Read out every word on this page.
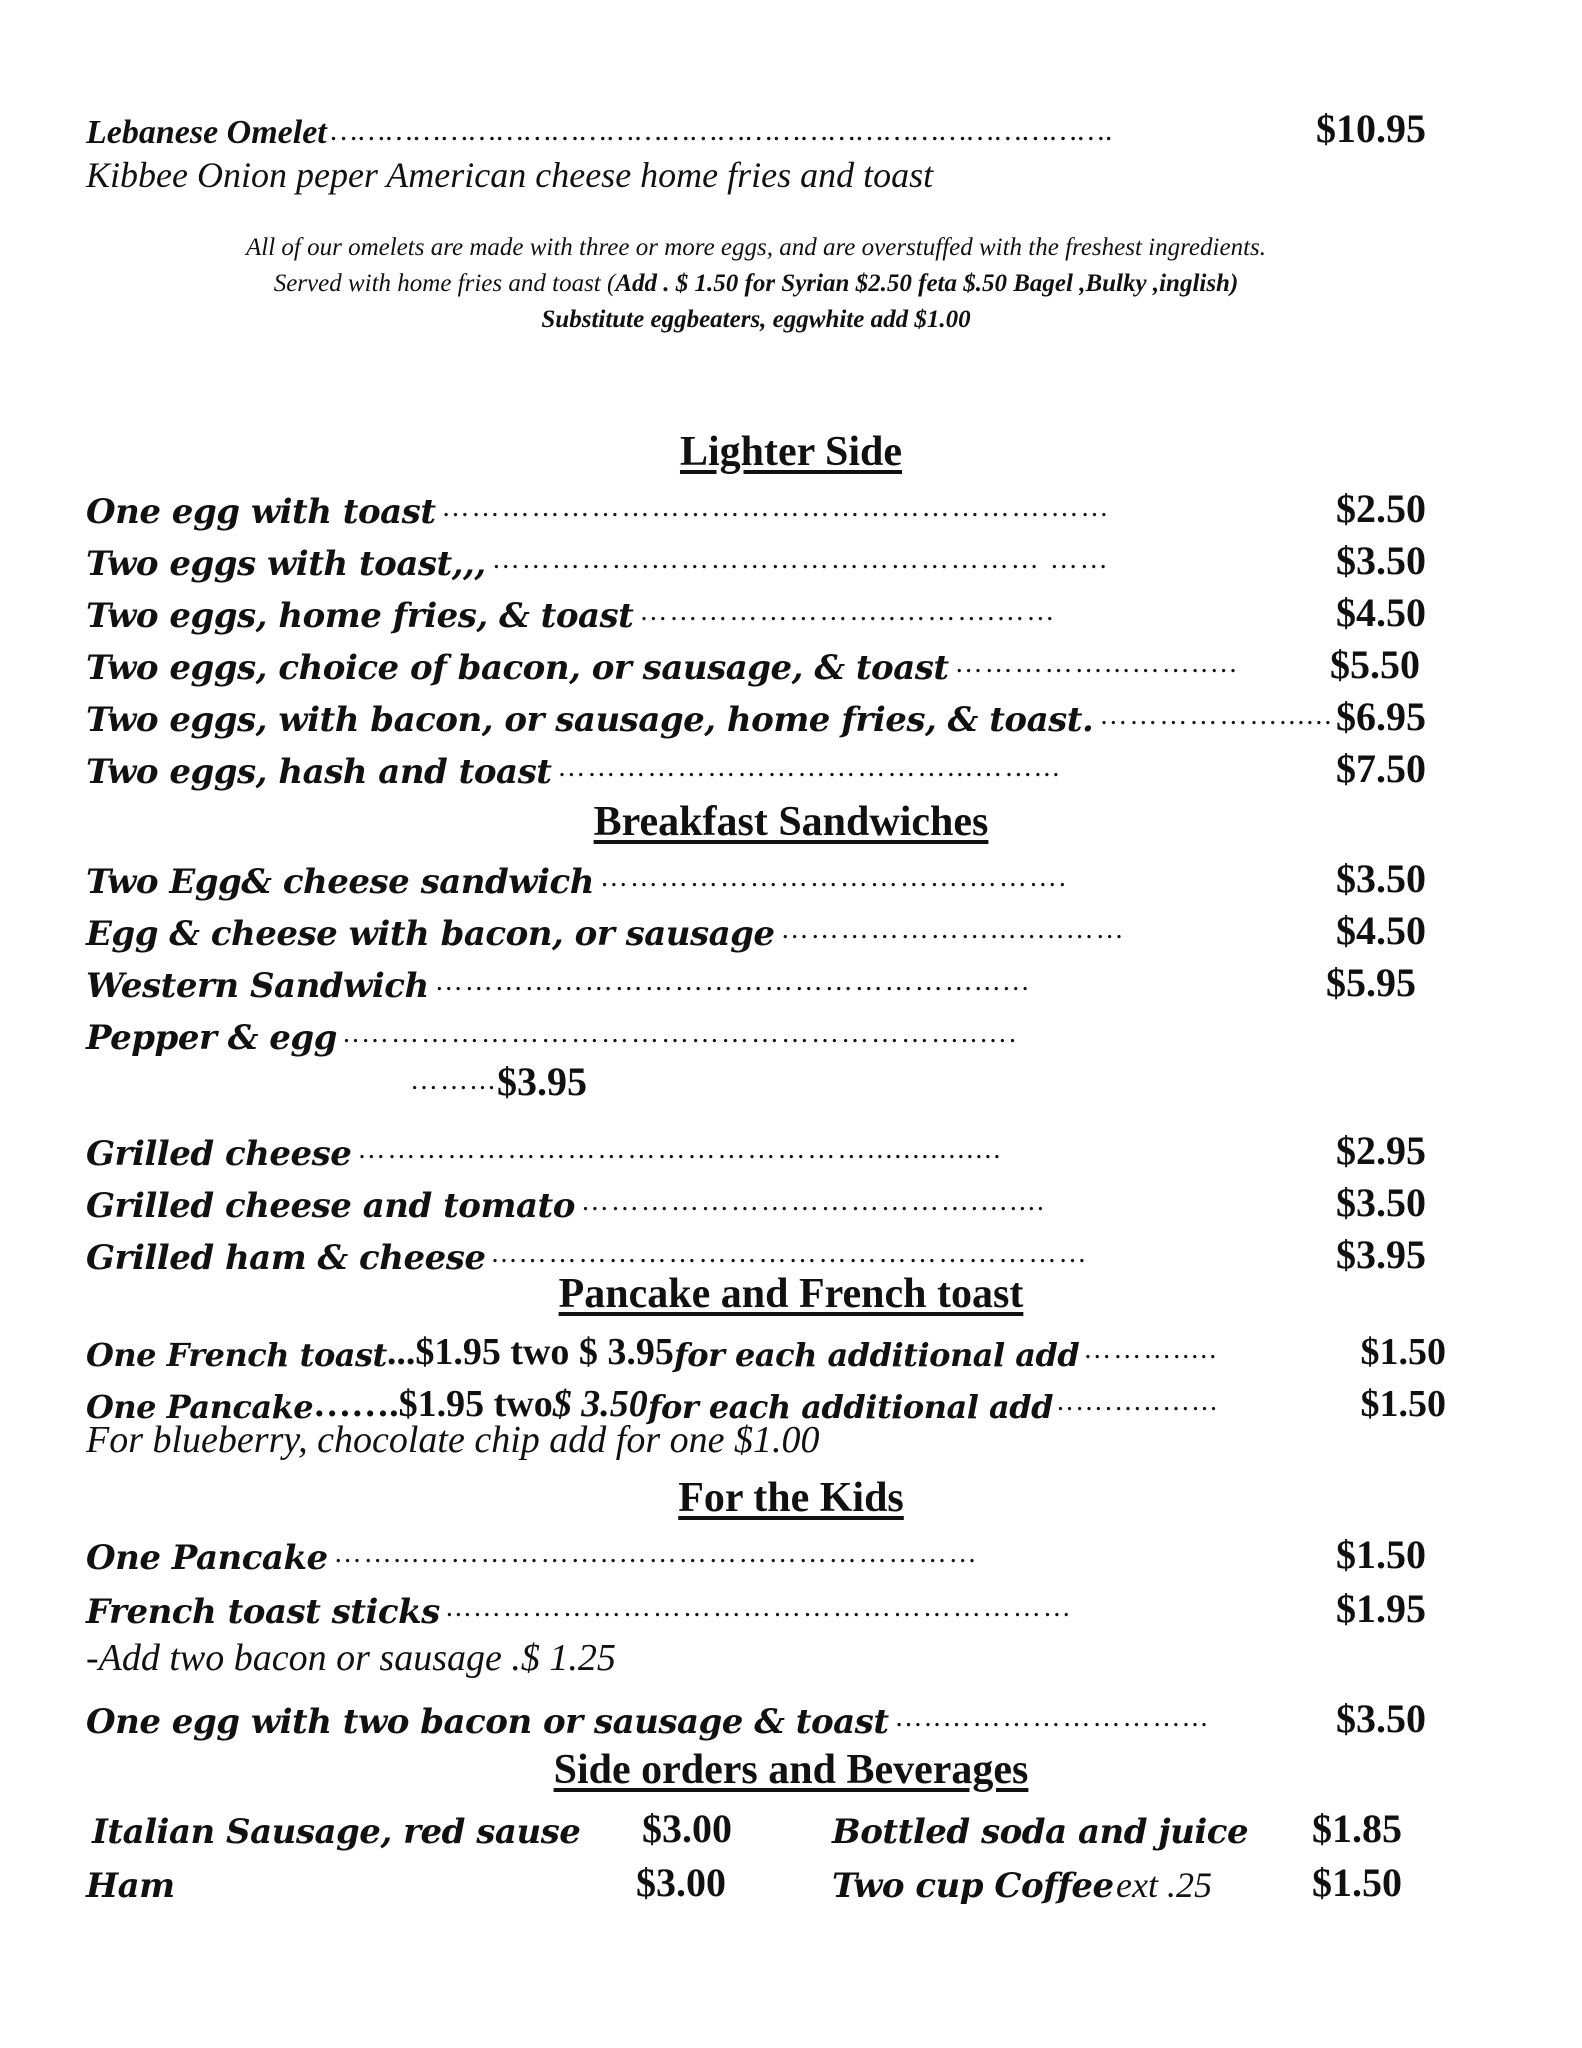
Lebanese Omelet ………………………………………………………………………….	$10.95
Kibbee Onion peper American cheese home fries and toast
All of our omelets are made with three or more eggs, and are overstuffed with the freshest ingredients.
Served with home fries and toast (Add . $ 1.50 for Syrian $2.50 feta $.50 Bagel ,Bulky ,inglish)
Substitute eggbeaters, eggwhite add $1.00
Lighter Side
One egg with toast …………………………………………………….……	$2.50
Two eggs with toast,,, …………….………………………………… ……	$3.50
Two eggs, home fries, & toast ……………………..……….……	$4.50
Two eggs, choice of bacon, or sausage, & toast ……………...……..…	$5.50
Two eggs, with bacon, or sausage, home fries, & toast. ………………...... $6.95
Two eggs, hash and toast …………………………………...……...	$7.50
Breakfast Sandwiches
Two Egg& cheese sandwich ……………………………….……….	$3.50
Egg & cheese with bacon, or sausage …………………...…..……	$4.50
Western Sandwich ………………………………………………...…	$5.95
Pepper & egg ..……………………………………………………..….
……... $3.95
Grilled cheese ……………………………………………...............	$2.95
Grilled cheese and tomato ………………………………….…....	$3.50
Grilled ham & cheese ...…………………………………………………	$3.95
Pancake and French toast
One French toast ...$1.95 two $ 3.95 for each additional add ……….....	$1.50
One Pancake …….$1.95 two $ 3.50 for each additional add ..….…..…...	$1.50
For blueberry, chocolate chip add for one $1.00
For the Kids
One Pancake ……...………………..………………………………	$1.50
French toast sticks ...……………………………………………………	$1.95
-Add two bacon or sausage .$ 1.25
One egg with two bacon or sausage & toast …..……………………...	$3.50
Side orders and Beverages
Italian Sausage, red sause $3.00	Bottled soda and juice $1.85
Ham	$3.00	Two cup Coffee ext .25	$1.50
